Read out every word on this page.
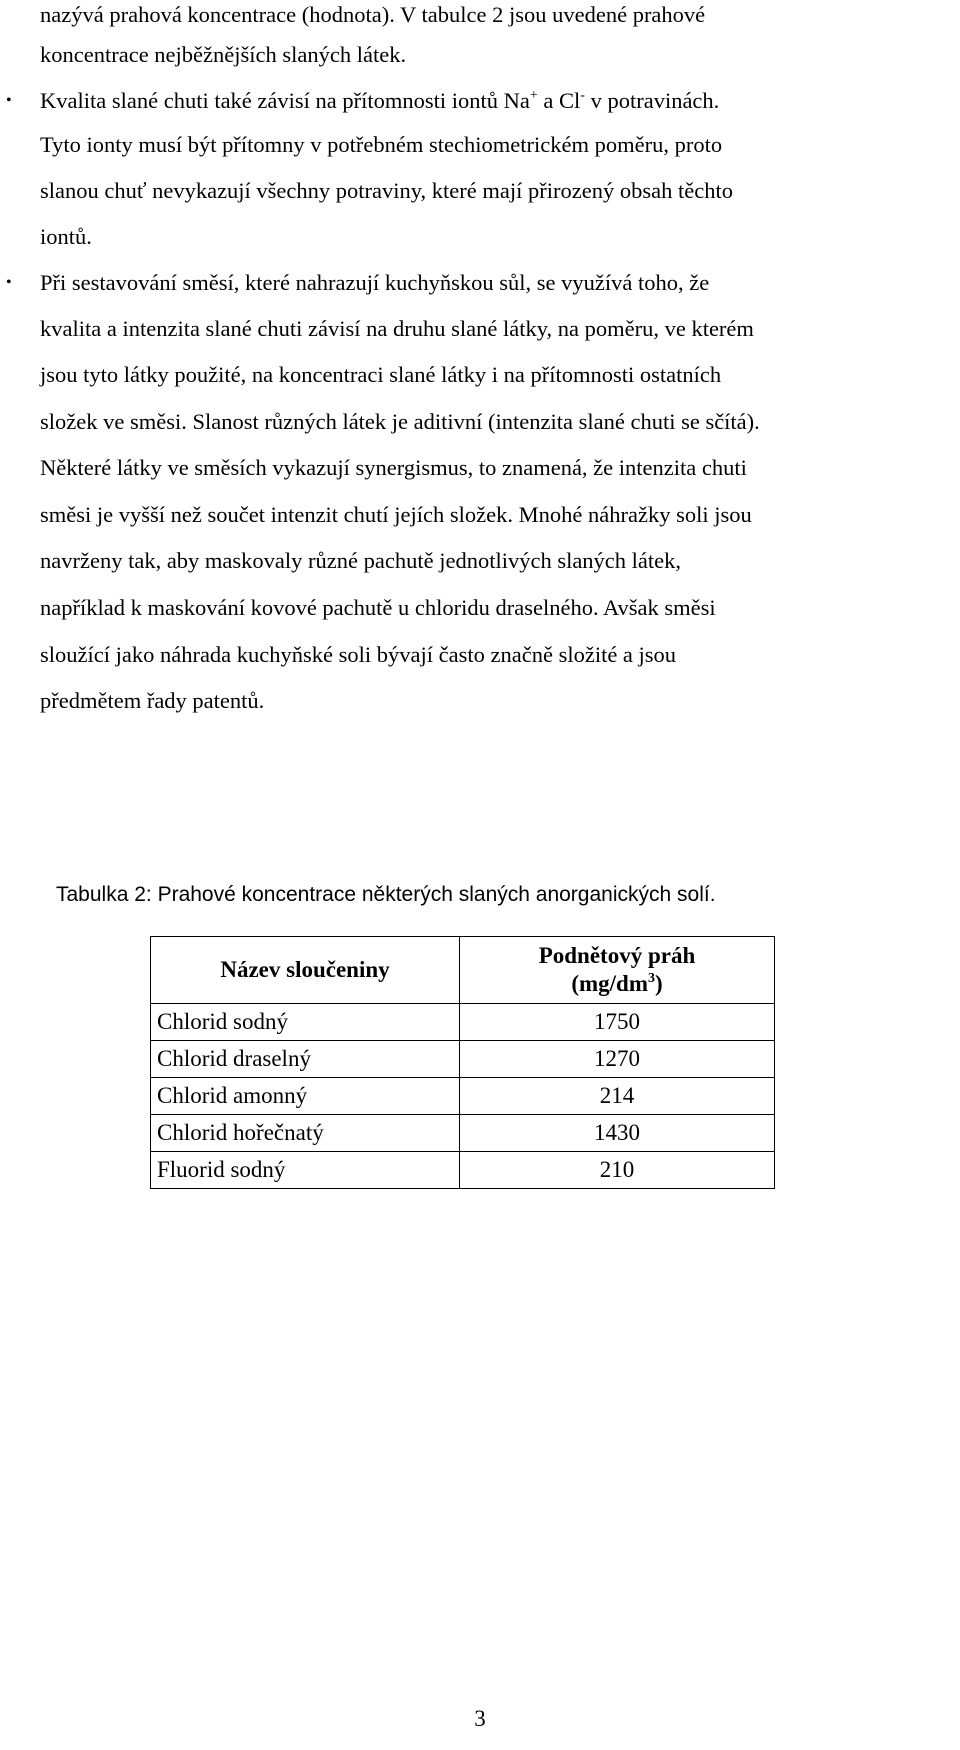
nazývá prahová koncentrace (hodnota). V tabulce 2 jsou uvedené prahové
koncentrace nejběžnějších slaných látek.
• Kvalita slané chuti také závisí na přítomnosti iontů Na+ a Cl- v potravinách.
Tyto ionty musí být přítomny v potřebném stechiometrickém poměru, proto
slanou chuť nevykazují všechny potraviny, které mají přirozený obsah těchto
iontů.
• Při sestavování směsí, které nahrazují kuchyňskou sůl, se využívá toho, že
kvalita a intenzita slané chuti závisí na druhu slané látky, na poměru, ve kterém
jsou tyto látky použité, na koncentraci slané látky i na přítomnosti ostatních
složek ve směsi. Slanost různých látek je aditivní (intenzita slané chuti se sčítá).
Některé látky ve směsích vykazují synergismus, to znamená, že intenzita chuti
směsi je vyšší než součet intenzit chutí jejích složek. Mnohé náhražky soli jsou
navrženy tak, aby maskovaly různé pachutě jednotlivých slaných látek,
například k maskování kovové pachutě u chloridu draselného. Avšak směsi
sloužící jako náhrada kuchyňské soli bývají často značně složité a jsou
předmětem řady patentů.
Tabulka 2: Prahové koncentrace některých slaných anorganických solí.
Název sloučeniny	Podnětový práh
$(mg/dm^3)$
Chlorid sodný	1750
Chlorid draselný	1270
Chlorid amonný	214
Chlorid hořečnatý	1430
Fluorid sodný	210
3
